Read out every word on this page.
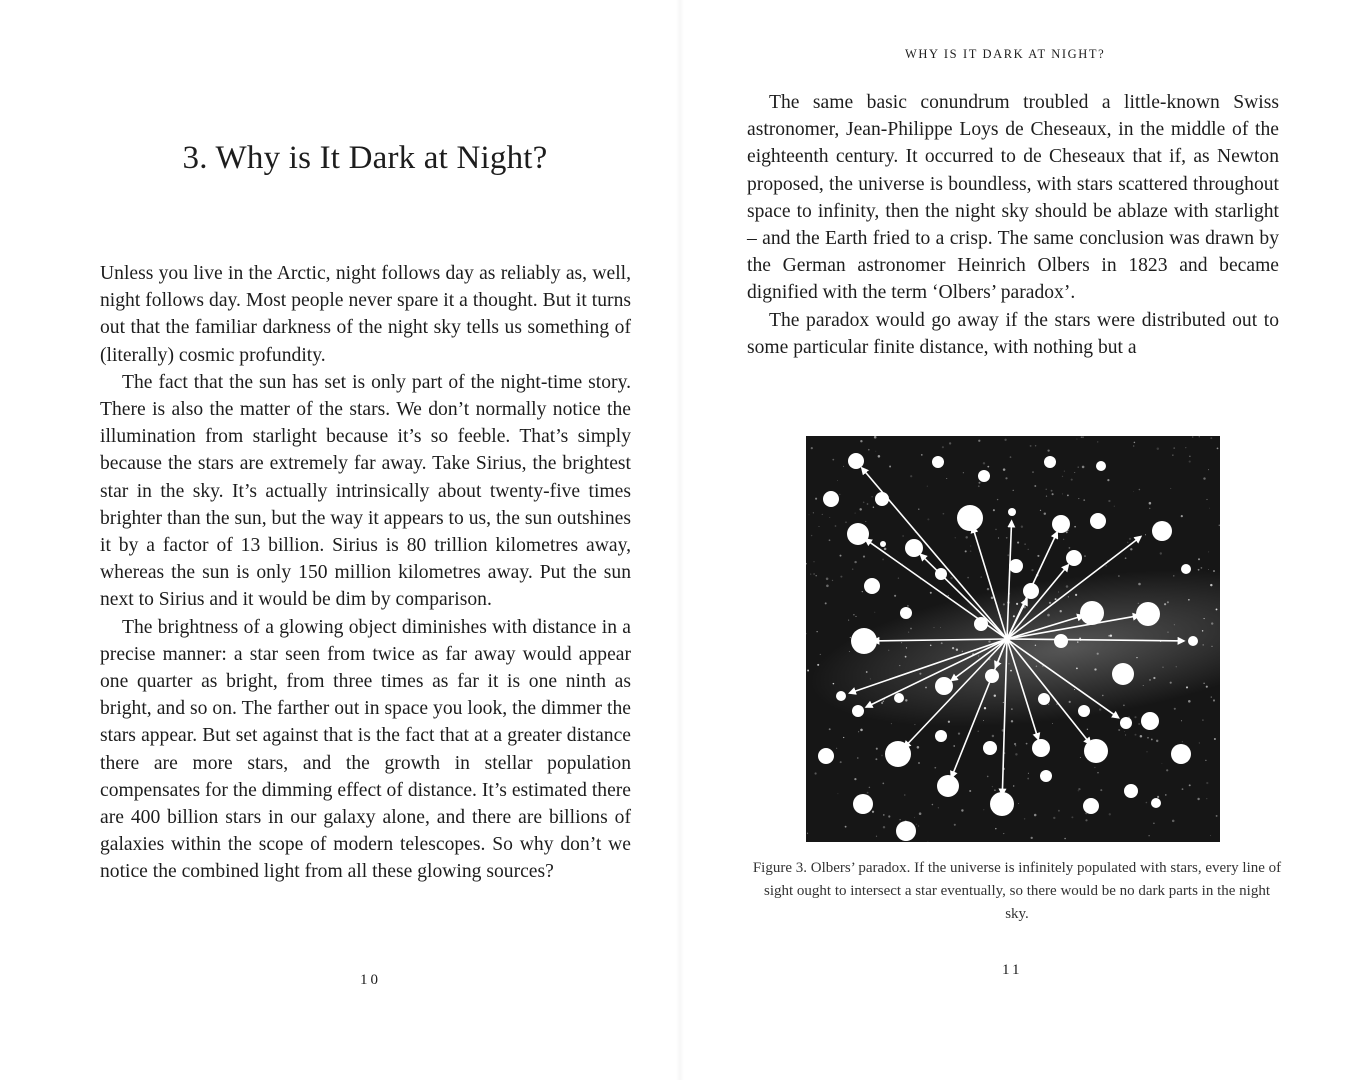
3. Why is It Dark at Night?

Unless you live in the Arctic, night follows day as reliably as, well, night follows day. Most people never spare it a thought. But it turns out that the familiar darkness of the night sky tells us something of (literally) cosmic profundity.

The fact that the sun has set is only part of the night-time story. There is also the matter of the stars. We don’t normally notice the illumination from starlight because it’s so feeble. That’s simply because the stars are extremely far away. Take Sirius, the brightest star in the sky. It’s actually intrinsically about twenty-five times brighter than the sun, but the way it appears to us, the sun outshines it by a factor of 13 billion. Sirius is 80 trillion kilometres away, whereas the sun is only 150 million kilometres away. Put the sun next to Sirius and it would be dim by comparison.

The brightness of a glowing object diminishes with distance in a precise manner: a star seen from twice as far away would appear one quarter as bright, from three times as far it is one ninth as bright, and so on. The farther out in space you look, the dimmer the stars appear. But set against that is the fact that at a greater distance there are more stars, and the growth in stellar population compensates for the dimming effect of distance. It’s estimated there are 400 billion stars in our galaxy alone, and there are billions of galaxies within the scope of modern telescopes. So why don’t we notice the combined light from all these glowing sources?

10
WHY IS IT DARK AT NIGHT?

The same basic conundrum troubled a little-known Swiss astronomer, Jean-Philippe Loys de Cheseaux, in the middle of the eighteenth century. It occurred to de Cheseaux that if, as Newton proposed, the universe is boundless, with stars scattered throughout space to infinity, then the night sky should be ablaze with starlight – and the Earth fried to a crisp. The same conclusion was drawn by the German astronomer Heinrich Olbers in 1823 and became dignified with the term ‘Olbers’ paradox’.

The paradox would go away if the stars were distributed out to some particular finite distance, with nothing but a

Figure 3. Olbers’ paradox. If the universe is infinitely populated with stars, every line of sight ought to intersect a star eventually, so there would be no dark parts in the night sky.
11
